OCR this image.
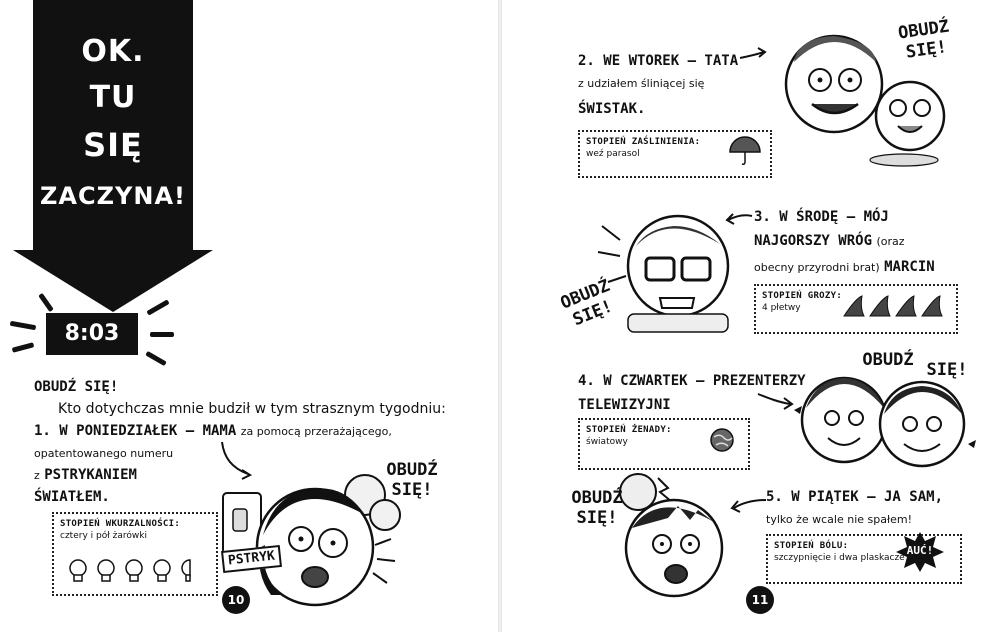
OK.
TU
SIĘ
ZACZYNA!
8:03
OBUDŹ SIĘ!
Kto dotychczas mnie budził w tym strasznym tygodniu:
1. W PONIEDZIAŁEK – MAMA za pomocą przerażającego,
opatentowanego numeru
z PSTRYKANIEM
ŚWIATŁEM.
STOPIEŃ WKURZALNOŚCI:
cztery i pół żarówki
OBUDŹ SIĘ!
PSTRYK
10
2. WE WTOREK – TATA
z udziałem śliniącej się
ŚWISTAK.
STOPIEŃ ZAŚLINIENIA:
weź parasol
OBUDŹ SIĘ!
OBUDŹ SIĘ!
3. W ŚRODĘ – MÓJ
NAJGORSZY WRÓG (oraz
obecny przyrodni brat) MARCIN
STOPIEŃ GROZY:
4 płetwy
4. W CZWARTEK – PREZENTERZY
TELEWIZYJNI
STOPIEŃ ŻENADY:
światowy
OBUDŹ SIĘ!
OBUDŹ SIĘ!
5. W PIĄTEK – JA SAM,
tylko że wcale nie spałem!
STOPIEŃ BÓLU:
szczypnięcie i dwa plaskacze
AUĆ!
11
